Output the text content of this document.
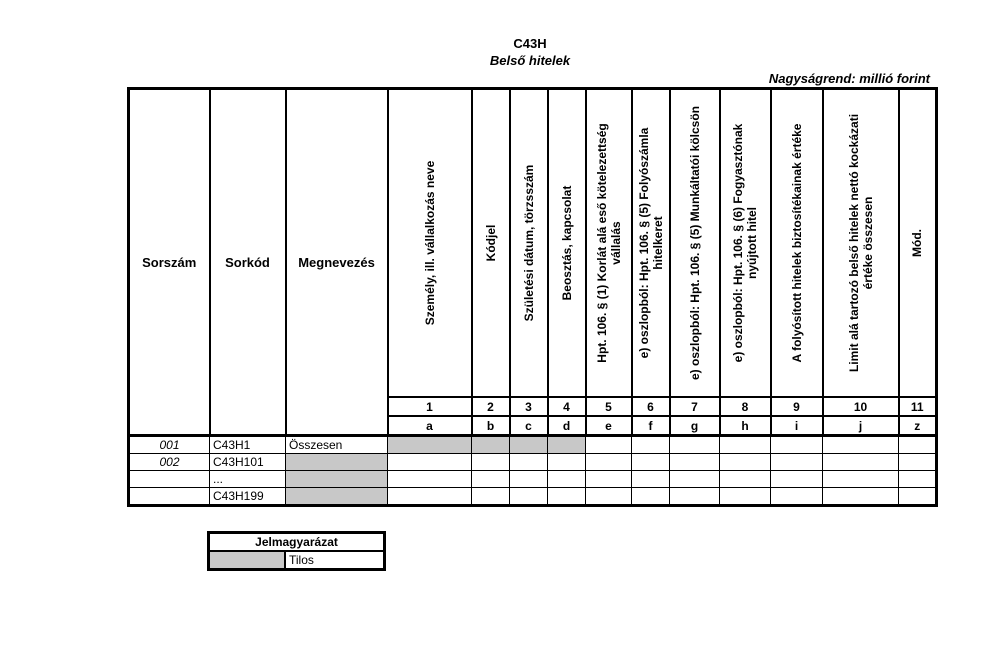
C43H
Belső hitelek
Nagyságrend: millió forint
Sorszám	Sorkód	Megnevezés	Személy, ill. vállalkozás neve	Kódjel	Születési dátum, törzsszám	Beosztás, kapcsolat	Hpt. 106. § (1) Korlát alá eső kötelezettség vállalás	e) oszlopból: Hpt. 106. § (5) Folyószámla hitelkeret	e) oszlopból: Hpt. 106. § (5) Munkáltatói kölcsön	e) oszlopból: Hpt. 106. § (6) Fogyasztónak nyújtott hitel	A folyósított hitelek biztosítékainak értéke	Limit alá tartozó belső hitelek nettó kockázati értéke összesen	Mód.

			1	2	3	4	5	6	7	8	9	10	11
			a	b	c	d	e	f	g	h	i	j	z
001	C43H1	Összesen											
002	C43H101												
	...												
	C43H199												
Jelmagyarázat
	Tilos
